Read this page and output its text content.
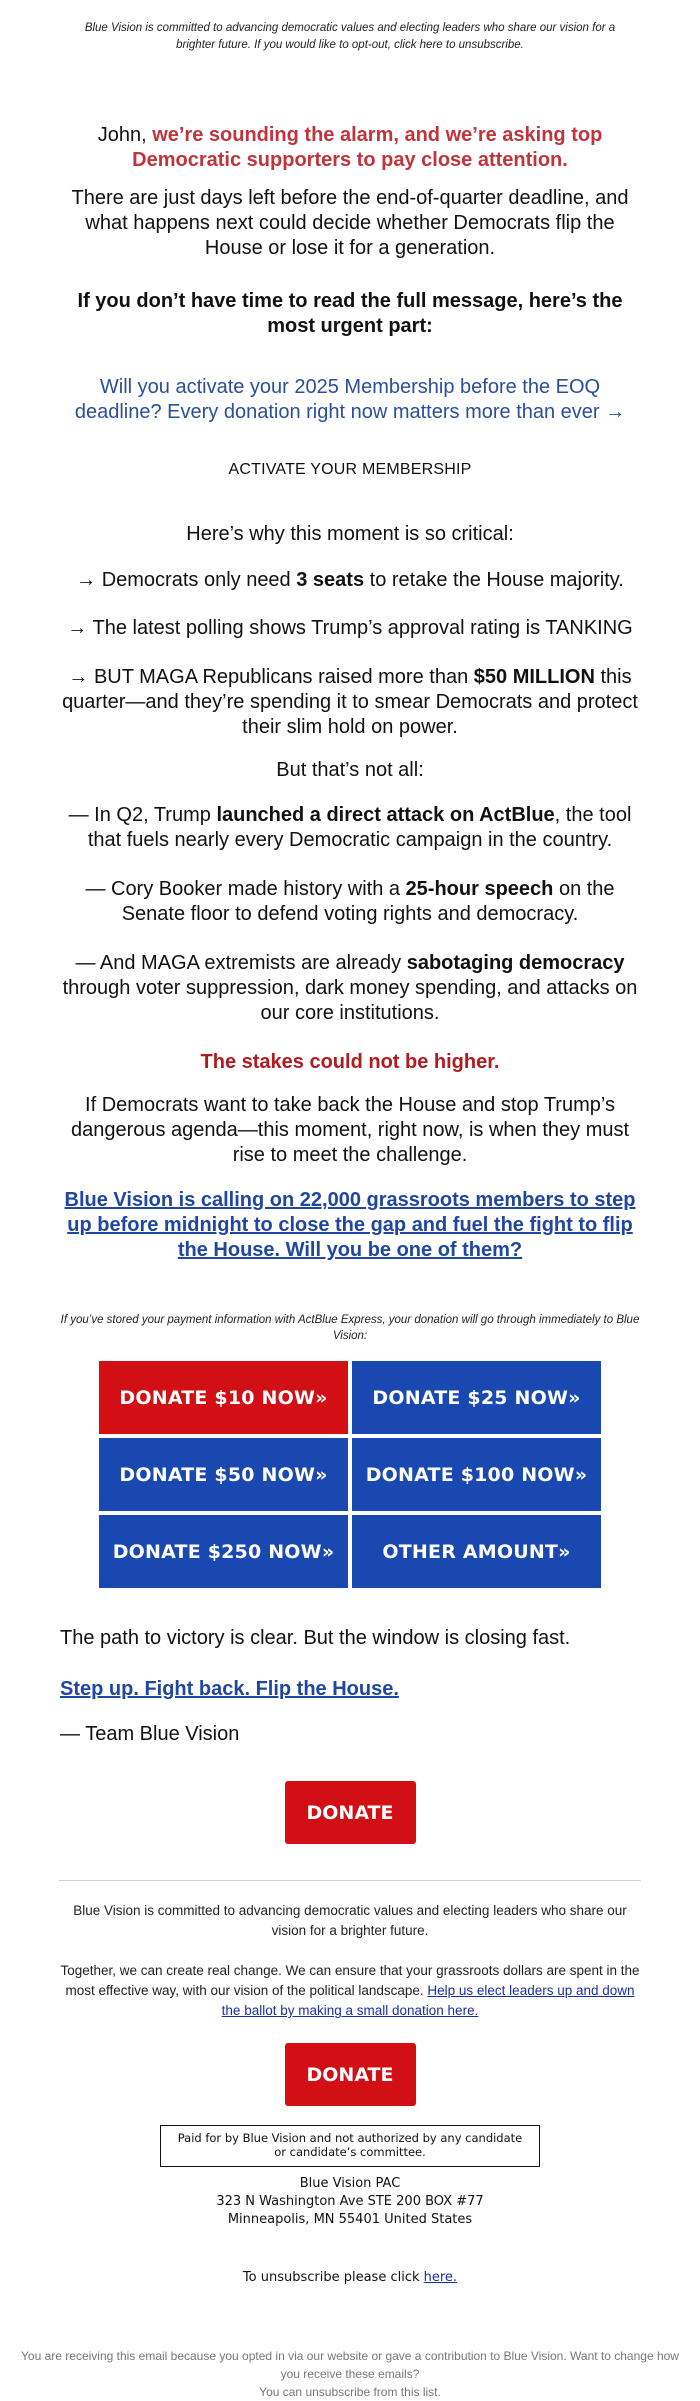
Blue Vision is committed to advancing democratic values and electing leaders who share our vision for a brighter future. If you would like to opt-out, click here to unsubscribe.
John, we’re sounding the alarm, and we’re asking top Democratic supporters to pay close attention.
There are just days left before the end-of-quarter deadline, and what happens next could decide whether Democrats flip the House or lose it for a generation.
If you don’t have time to read the full message, here’s the most urgent part:
Will you activate your 2025 Membership before the EOQ deadline? Every donation right now matters more than ever →
ACTIVATE YOUR MEMBERSHIP
Here’s why this moment is so critical:
→ Democrats only need 3 seats to retake the House majority.
→ The latest polling shows Trump’s approval rating is TANKING
→ BUT MAGA Republicans raised more than $50 MILLION this quarter—and they’re spending it to smear Democrats and protect their slim hold on power.
But that’s not all:
— In Q2, Trump launched a direct attack on ActBlue, the tool that fuels nearly every Democratic campaign in the country.
— Cory Booker made history with a 25-hour speech on the Senate floor to defend voting rights and democracy.
— And MAGA extremists are already sabotaging democracy through voter suppression, dark money spending, and attacks on our core institutions.
The stakes could not be higher.
If Democrats want to take back the House and stop Trump’s dangerous agenda—this moment, right now, is when they must rise to meet the challenge.
Blue Vision is calling on 22,000 grassroots members to step up before midnight to close the gap and fuel the fight to flip the House. Will you be one of them?
If you’ve stored your payment information with ActBlue Express, your donation will go through immediately to Blue Vision:
DONATE $10 NOW»	DONATE $25 NOW»
DONATE $50 NOW»	DONATE $100 NOW»
DONATE $250 NOW»	OTHER AMOUNT»
The path to victory is clear. But the window is closing fast.
Step up. Fight back. Flip the House.
— Team Blue Vision
DONATE
Blue Vision is committed to advancing democratic values and electing leaders who share our vision for a brighter future.
Together, we can create real change. We can ensure that your grassroots dollars are spent in the most effective way, with our vision of the political landscape. Help us elect leaders up and down the ballot by making a small donation here.
DONATE
Paid for by Blue Vision and not authorized by any candidate or candidate’s committee.
Blue Vision PAC
323 N Washington Ave STE 200 BOX #77
Minneapolis, MN 55401 United States
To unsubscribe please click here.
You are receiving this email because you opted in via our website or gave a contribution to Blue Vision. Want to change how you receive these emails?
You can unsubscribe from this list.
